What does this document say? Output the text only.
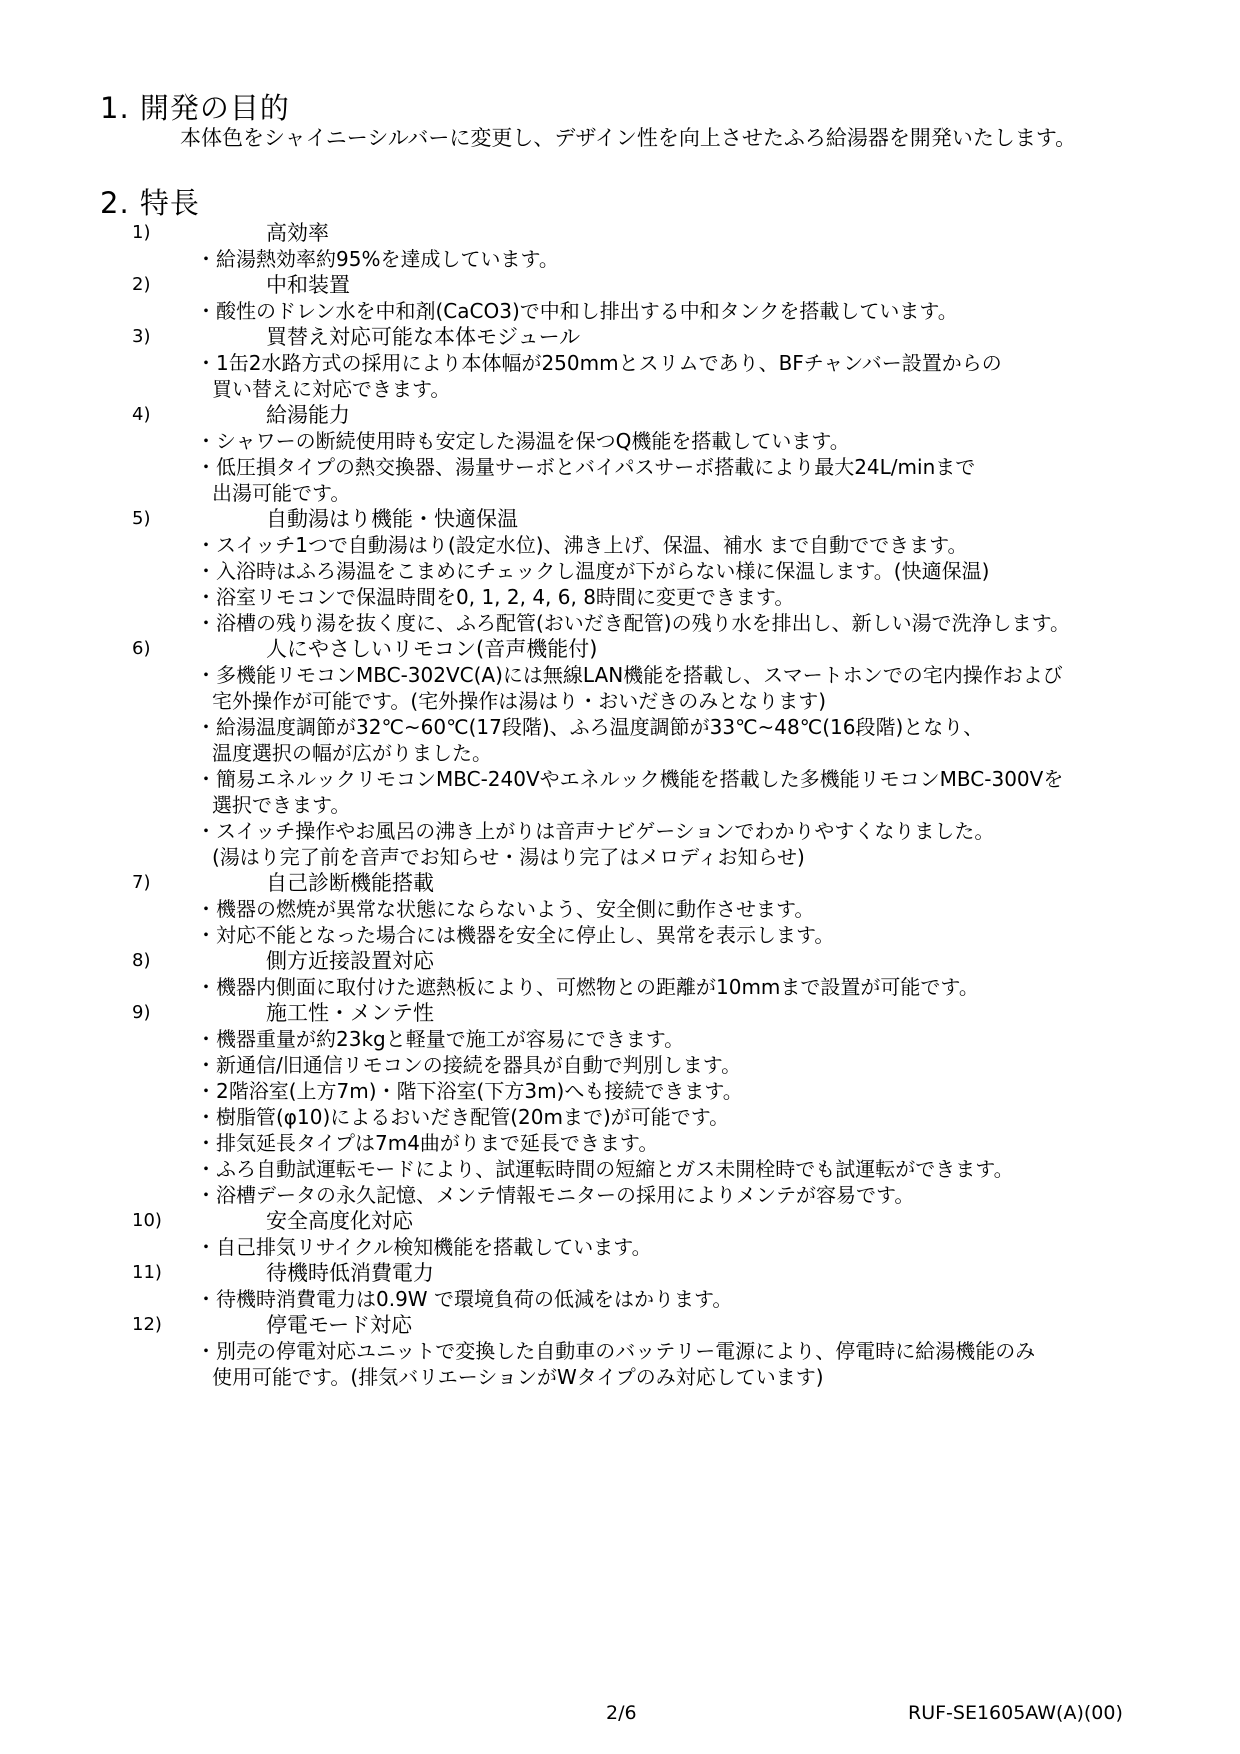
1. 開発の目的
本体色をシャイニーシルバーに変更し、デザイン性を向上させたふろ給湯器を開発いたします。
2. 特長
1)	高効率
・給湯熱効率約95%を達成しています。
2)	中和装置
・酸性のドレン水を中和剤(CaCO3)で中和し排出する中和タンクを搭載しています。
3)	買替え対応可能な本体モジュール
・1缶2水路方式の採用により本体幅が250mmとスリムであり、BFチャンバー設置からの
買い替えに対応できます。
4)	給湯能力
・シャワーの断続使用時も安定した湯温を保つQ機能を搭載しています。
・低圧損タイプの熱交換器、湯量サーボとバイパスサーボ搭載により最大24L/minまで
出湯可能です。
5)	自動湯はり機能・快適保温
・スイッチ1つで自動湯はり(設定水位)、沸き上げ、保温、補水 まで自動でできます。
・入浴時はふろ湯温をこまめにチェックし温度が下がらない様に保温します。(快適保温)
・浴室リモコンで保温時間を0, 1, 2, 4, 6, 8時間に変更できます。
・浴槽の残り湯を抜く度に、ふろ配管(おいだき配管)の残り水を排出し、新しい湯で洗浄します。
6)	人にやさしいリモコン(音声機能付)
・多機能リモコンMBC-302VC(A)には無線LAN機能を搭載し、スマートホンでの宅内操作および
宅外操作が可能です。(宅外操作は湯はり・おいだきのみとなります)
・給湯温度調節が32℃~60℃(17段階)、ふろ温度調節が33℃~48℃(16段階)となり、
温度選択の幅が広がりました。
・簡易エネルックリモコンMBC-240Vやエネルック機能を搭載した多機能リモコンMBC-300Vを
選択できます。
・スイッチ操作やお風呂の沸き上がりは音声ナビゲーションでわかりやすくなりました。
(湯はり完了前を音声でお知らせ・湯はり完了はメロディお知らせ)
7)	自己診断機能搭載
・機器の燃焼が異常な状態にならないよう、安全側に動作させます。
・対応不能となった場合には機器を安全に停止し、異常を表示します。
8)	側方近接設置対応
・機器内側面に取付けた遮熱板により、可燃物との距離が10mmまで設置が可能です。
9)	施工性・メンテ性
・機器重量が約23kgと軽量で施工が容易にできます。
・新通信/旧通信リモコンの接続を器具が自動で判別します。
・2階浴室(上方7m)・階下浴室(下方3m)へも接続できます。
・樹脂管(φ10)によるおいだき配管(20mまで)が可能です。
・排気延長タイプは7m4曲がりまで延長できます。
・ふろ自動試運転モードにより、試運転時間の短縮とガス未開栓時でも試運転ができます。
・浴槽データの永久記憶、メンテ情報モニターの採用によりメンテが容易です。
10)	安全高度化対応
・自己排気リサイクル検知機能を搭載しています。
11)	待機時低消費電力
・待機時消費電力は0.9W で環境負荷の低減をはかります。
12)	停電モード対応
・別売の停電対応ユニットで変換した自動車のバッテリー電源により、停電時に給湯機能のみ
使用可能です。(排気バリエーションがWタイプのみ対応しています)
2/6	RUF-SE1605AW(A)(00)
